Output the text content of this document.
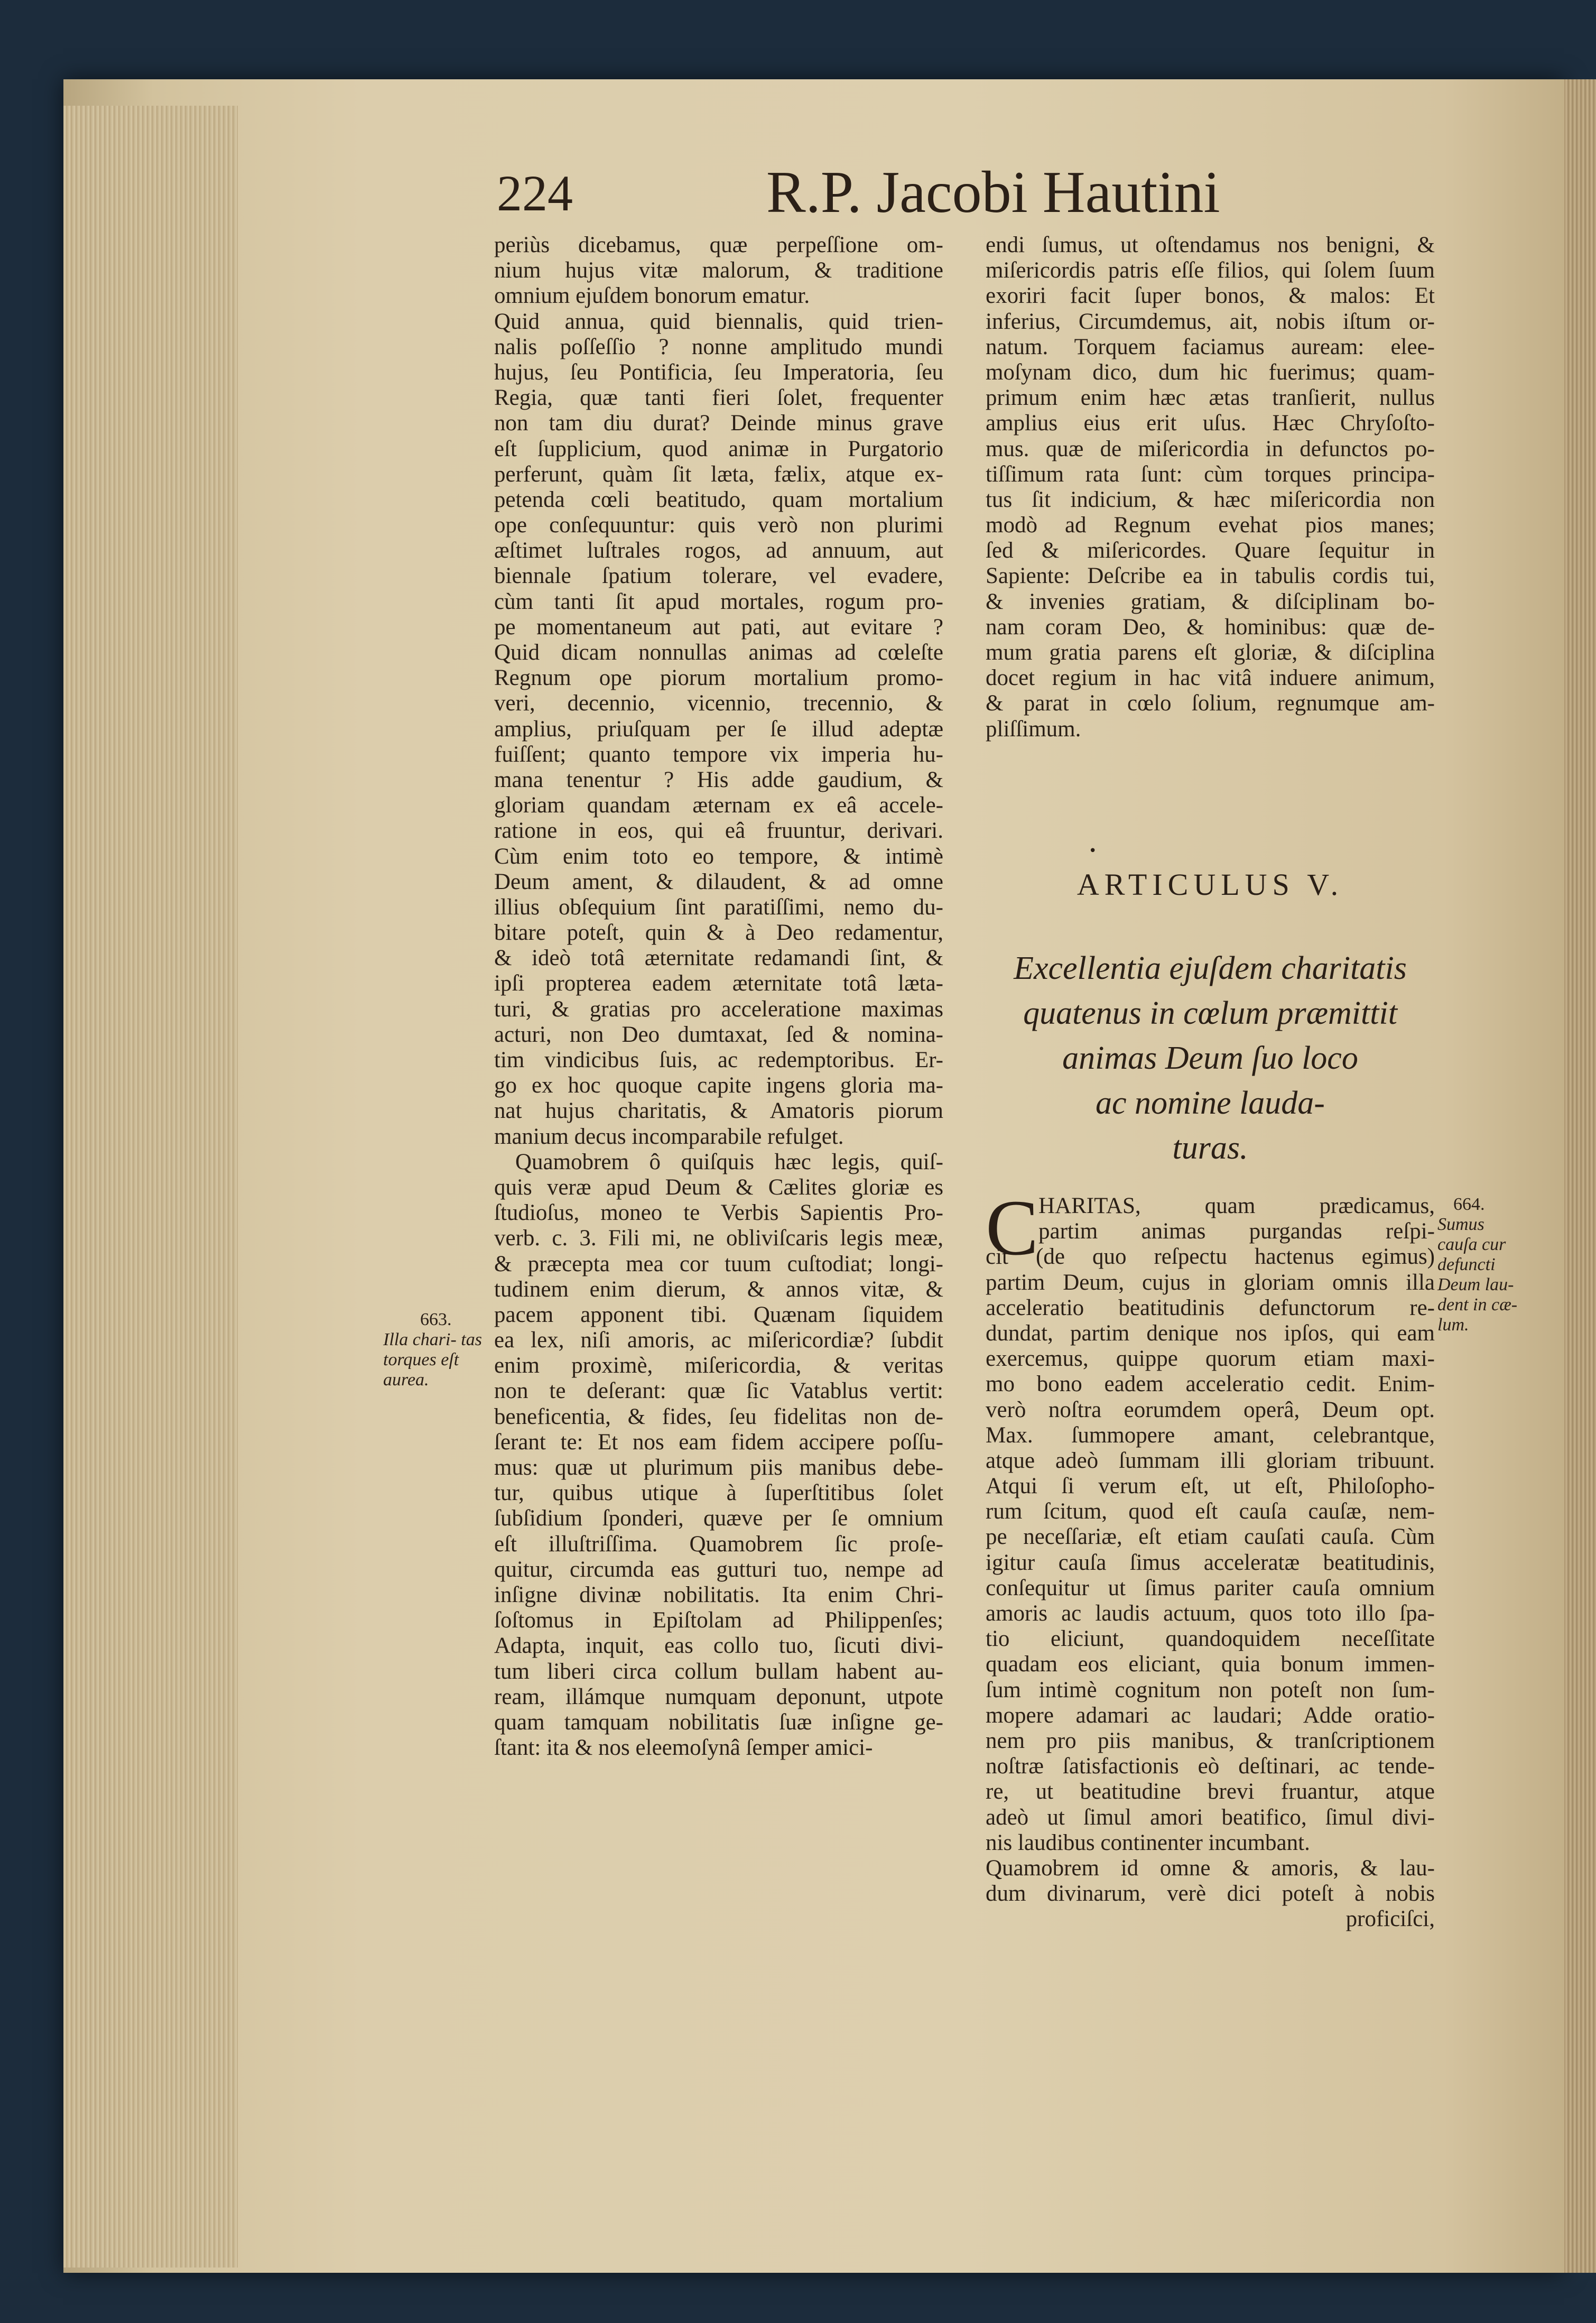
224	R.P. Jacobi Hautini
periùs dicebamus, quæ perpeſſione om-
nium hujus vitæ malorum, & traditione
omnium ejuſdem bonorum ematur.
Quid annua, quid biennalis, quid trien-
nalis poſſeſſio ? nonne amplitudo mundi
hujus, ſeu Pontificia, ſeu Imperatoria, ſeu
Regia, quæ tanti fieri ſolet, frequenter
non tam diu durat? Deinde minus grave
eſt ſupplicium, quod animæ in Purgatorio
perferunt, quàm ſit læta, fælix, atque ex-
petenda cœli beatitudo, quam mortalium
ope conſequuntur: quis verò non plurimi
æſtimet luſtrales rogos, ad annuum, aut
biennale ſpatium tolerare, vel evadere,
cùm tanti ſit apud mortales, rogum pro-
pe momentaneum aut pati, aut evitare ?
Quid dicam nonnullas animas ad cœleſte
Regnum ope piorum mortalium promo-
veri, decennio, vicennio, trecennio, &
amplius, priuſquam per ſe illud adeptæ
fuiſſent; quanto tempore vix imperia hu-
mana tenentur ? His adde gaudium, &
gloriam quandam æternam ex eâ accele-
ratione in eos, qui eâ fruuntur, derivari.
Cùm enim toto eo tempore, & intimè
Deum ament, & dilaudent, & ad omne
illius obſequium ſint paratiſſimi, nemo du-
bitare poteſt, quin & à Deo redamentur,
& ideò totâ æternitate redamandi ſint, &
ipſi propterea eadem æternitate totâ læta-
turi, & gratias pro acceleratione maximas
acturi, non Deo dumtaxat, ſed & nomina-
tim vindicibus ſuis, ac redemptoribus. Er-
go ex hoc quoque capite ingens gloria ma-
nat hujus charitatis, & Amatoris piorum
manium decus incomparabile refulget.
Quamobrem ô quiſquis hæc legis, quiſ-
quis veræ apud Deum & Cælites gloriæ es
ſtudioſus, moneo te Verbis Sapientis Pro-
verb. c. 3. Fili mi, ne obliviſcaris legis meæ,
& præcepta mea cor tuum cuſtodiat; longi-
tudinem enim dierum, & annos vitæ, &
pacem apponent tibi. Quænam ſiquidem
ea lex, niſi amoris, ac miſericordiæ? ſubdit
enim proximè, miſericordia, & veritas
non te deſerant: quæ ſic Vatablus vertit:
beneficentia, & fides, ſeu fidelitas non de-
ſerant te: Et nos eam fidem accipere poſſu-
mus: quæ ut plurimum piis manibus debe-
tur, quibus utique à ſuperſtitibus ſolet
ſubſidium ſponderi, quæve per ſe omnium
eſt illuſtriſſima. Quamobrem ſic proſe-
quitur, circumda eas gutturi tuo, nempe ad
inſigne divinæ nobilitatis. Ita enim Chri-
ſoſtomus in Epiſtolam ad Philippenſes;
Adapta, inquit, eas collo tuo, ſicuti divi-
tum liberi circa collum bullam habent au-
ream, illámque numquam deponunt, utpote
quam tamquam nobilitatis ſuæ inſigne ge-
ſtant: ita & nos eleemoſynâ ſemper amici-
663.
Illa chari- tas torques eſt aurea.
endi ſumus, ut oſtendamus nos benigni, &
miſericordis patris eſſe filios, qui ſolem ſuum
exoriri facit ſuper bonos, & malos: Et
inferius, Circumdemus, ait, nobis iſtum or-
natum. Torquem faciamus auream: elee-
moſynam dico, dum hic fuerimus; quam-
primum enim hæc ætas tranſierit, nullus
amplius eius erit uſus. Hæc Chryſoſto-
mus. quæ de miſericordia in defunctos po-
tiſſimum rata ſunt: cùm torques principa-
tus ſit indicium, & hæc miſericordia non
modò ad Regnum evehat pios manes;
ſed & miſericordes. Quare ſequitur in
Sapiente: Deſcribe ea in tabulis cordis tui,
& invenies gratiam, & diſciplinam bo-
nam coram Deo, & hominibus: quæ de-
mum gratia parens eſt gloriæ, & diſciplina
docet regium in hac vitâ induere animum,
& parat in cœlo ſolium, regnumque am-
pliſſimum.
•
ARTICULUS V.
Excellentia ejuſdem charitatis
quatenus in cœlum præmittit
animas Deum ſuo loco
ac nomine lauda-
turas.
C HARITAS, quam prædicamus,
partim animas purgandas reſpi-
cit (de quo reſpectu hactenus egimus)
partim Deum, cujus in gloriam omnis illa
acceleratio beatitudinis defunctorum re-
dundat, partim denique nos ipſos, qui eam
exercemus, quippe quorum etiam maxi-
mo bono eadem acceleratio cedit. Enim-
verò noſtra eorumdem operâ, Deum opt.
Max. ſummopere amant, celebrantque,
atque adeò ſummam illi gloriam tribuunt.
Atqui ſi verum eſt, ut eſt, Philoſopho-
rum ſcitum, quod eſt cauſa cauſæ, nem-
pe neceſſariæ, eſt etiam cauſati cauſa. Cùm
igitur cauſa ſimus acceleratæ beatitudinis,
conſequitur ut ſimus pariter cauſa omnium
amoris ac laudis actuum, quos toto illo ſpa-
tio eliciunt, quandoquidem neceſſitate
quadam eos eliciant, quia bonum immen-
ſum intimè cognitum non poteſt non ſum-
mopere adamari ac laudari; Adde oratio-
nem pro piis manibus, & tranſcriptionem
noſtræ ſatisfactionis eò deſtinari, ac tende-
re, ut beatitudine brevi fruantur, atque
adeò ut ſimul amori beatifico, ſimul divi-
nis laudibus continenter incumbant.
Quamobrem id omne & amoris, & lau-
dum divinarum, verè dici poteſt à nobis
proficiſci,
664.
Sumus cauſa cur defuncti Deum lau- dent in cæ- lum.
